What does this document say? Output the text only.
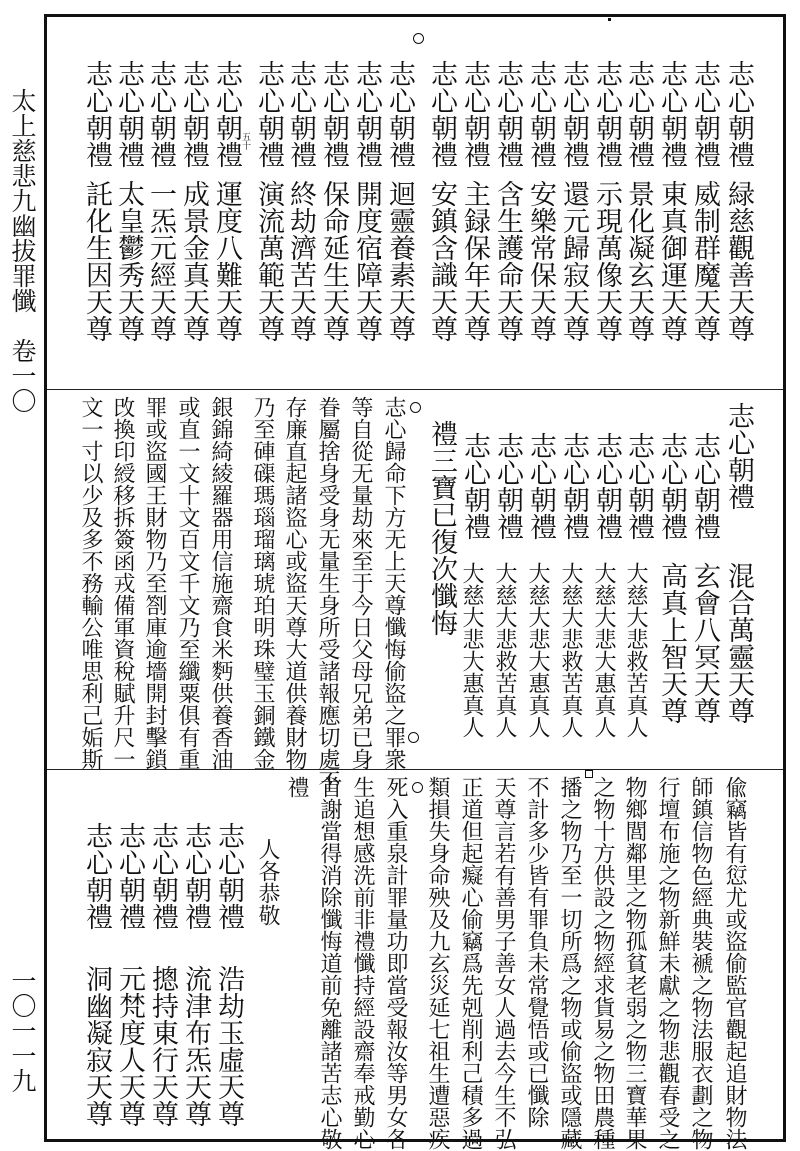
太上慈悲九幽拔罪懺　卷一〇
一〇一一九
五十	志心朝禮
緑慈觀善天尊
志心朝禮
威制群魔天尊
志心朝禮
東真御運天尊
志心朝禮
景化凝玄天尊
志心朝禮
示現萬像天尊
志心朝禮
還元歸寂天尊
志心朝禮
安樂常保天尊
志心朝禮
含生護命天尊
志心朝禮
主録保年天尊
志心朝禮
安鎮含識天尊
志心朝禮
迴靈養素天尊
志心朝禮
開度宿障天尊
志心朝禮
保命延生天尊
志心朝禮
終劫濟苦天尊
志心朝禮
演流萬範天尊
志心朝禮
運度八難天尊
志心朝禮
成景金真天尊
志心朝禮
一炁元經天尊
志心朝禮
太皇鬱秀天尊
志心朝禮
託化生因天尊
志心朝禮
混合萬靈天尊
志心朝禮
玄會八冥天尊
志心朝禮
高真上智天尊
志心朝禮
大慈大悲救苦真人
志心朝禮
大慈大悲大惠真人
志心朝禮
大慈大悲救苦真人
志心朝禮
大慈大悲大惠真人
志心朝禮
大慈大悲救苦真人
志心朝禮
大慈大悲大惠真人
禮三寶已復次懺悔
志心歸命下方无上天尊懺悔偷盜之罪衆
等自從无量劫來至于今日父母兄弟已身
眷屬捨身受身无量生身所受諸報應切處不
存廉直起諸盜心或盜天尊大道供養財物
乃至硨磲瑪瑙瑠璃琥珀明珠璧玉銅鐵金
銀錦綺綾羅器用信施齋食米麪供養香油
或直一文十文百文千文乃至纖粟俱有重
罪或盜國王財物乃至劄庫逾墻開封擊鎖
攺換印綬移拆簽函戎備軍資稅賦升尺一
文一寸以少及多不務輸公唯思利己姤斯
偸竊皆有愆尤或盜偷監官觀起追財物法
師鎮信物色經典裝褫之物法服衣劃之物
行壇布施之物新鮮未獻之物悲觀春受之
物鄉閭鄰里之物孤貧老弱之物三寶華果
之物十方供設之物經求貨易之物田農種
播之物乃至一切所爲之物或偷盜或隱藏
不計多少皆有罪負未常覺悟或已懺除
天尊言若有善男子善女人過去今生不弘
正道但起癡心偷竊爲先剋削利己積多過
類損失身命殃及九玄災延七祖生遭惡疾
死入重泉計罪量功即當受報汝等男女各
生追想感洗前非禮懺持經設齋奉戒勤心
首謝當得消除懺悔道前免離諸苦志心敬
禮
人各恭敬
志心朝禮
浩劫玉虛天尊
志心朝禮
流津布炁天尊
志心朝禮
摠持東行天尊
志心朝禮
元梵度人天尊
志心朝禮
洞幽凝寂天尊
